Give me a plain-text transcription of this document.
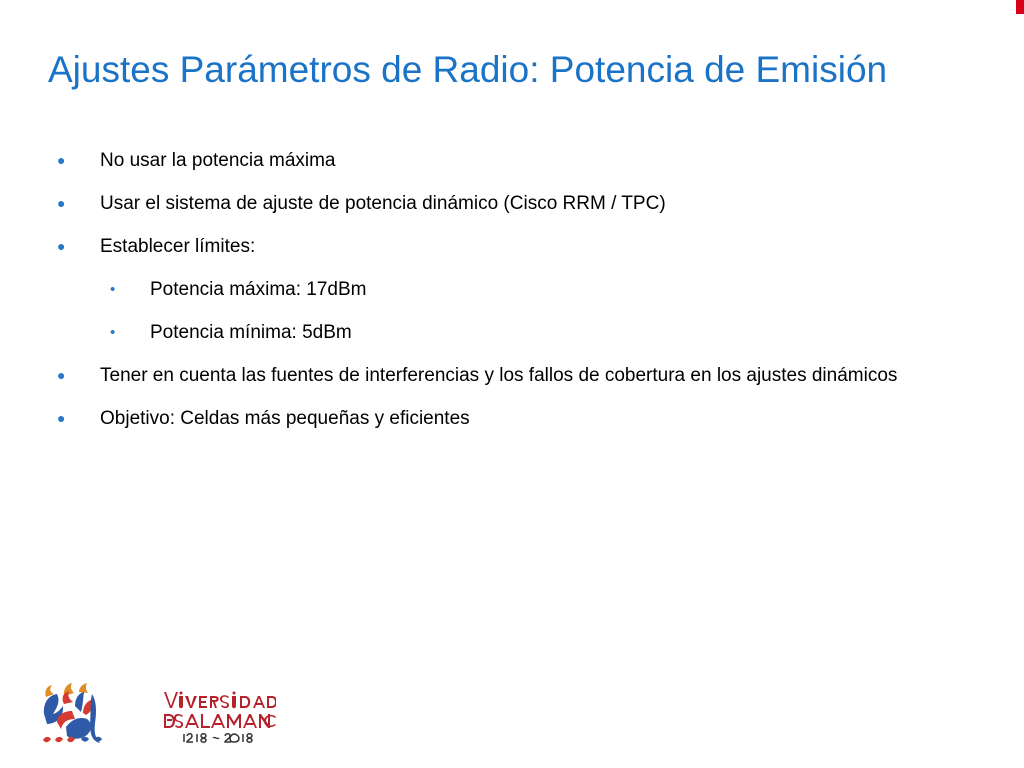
Ajustes Parámetros de Radio: Potencia de Emisión
●	No usar la potencia máxima
●	Usar el sistema de ajuste de potencia dinámico (Cisco RRM / TPC)
●	Establecer límites:
•	Potencia máxima: 17dBm
•	Potencia mínima: 5dBm
●	Tener en cuenta las fuentes de interferencias y los fallos de cobertura en los ajustes dinámicos
●	Objetivo: Celdas más pequeñas y eficientes
